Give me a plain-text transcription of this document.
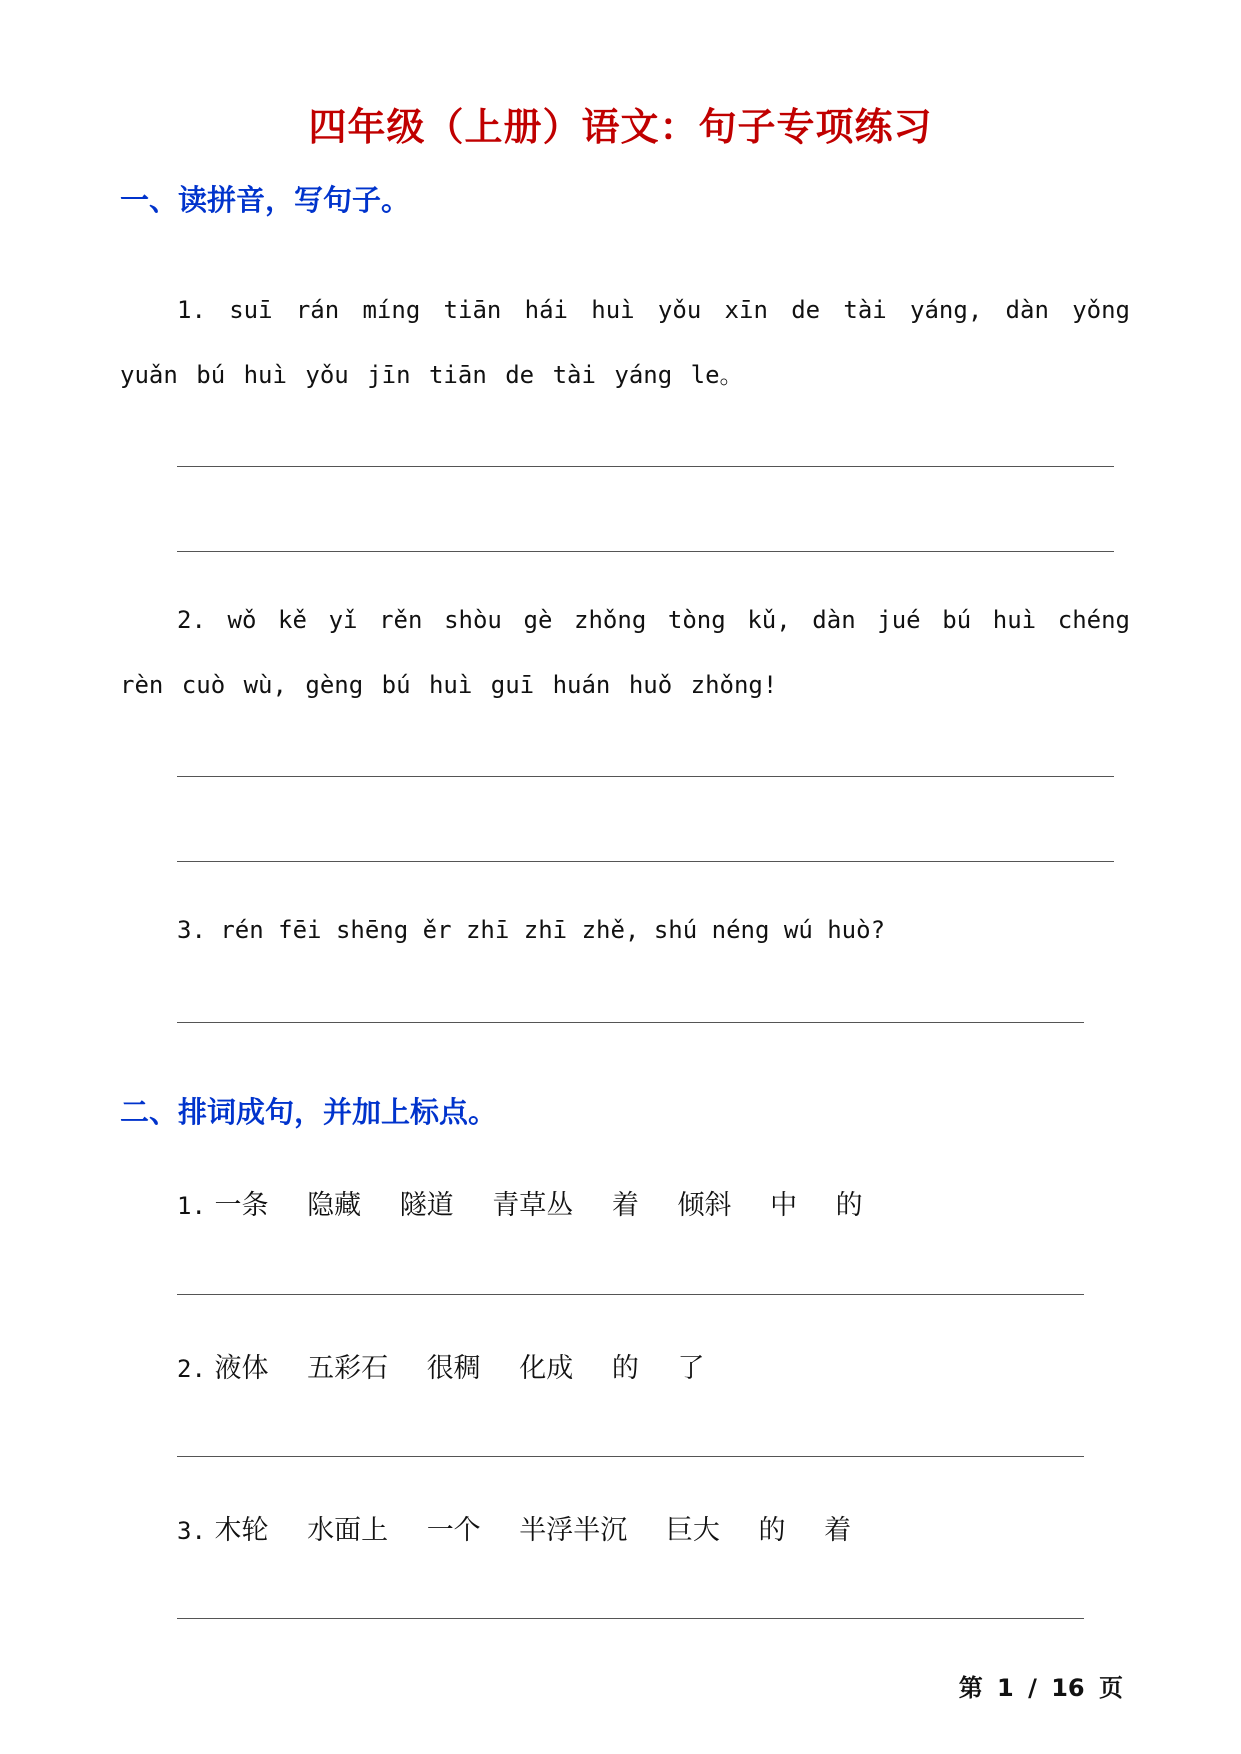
四年级（上册）语文：句子专项练习
一、读拼音，写句子。
1. suī rán míng tiān hái huì yǒu xīn de tài yáng, dàn yǒng yuǎn bú huì yǒu jīn tiān de tài yáng le。
2. wǒ kě yǐ rěn shòu gè zhǒng tòng kǔ, dàn jué bú huì chéng rèn cuò wù, gèng bú huì guī huán huǒ zhǒng!
3. rén fēi shēng ěr zhī zhī zhě, shú néng wú huò?
二、排词成句，并加上标点。
1. 一条 隐藏 隧道 青草丛 着 倾斜 中 的
2. 液体 五彩石 很稠 化成 的 了
3. 木轮 水面上 一个 半浮半沉 巨大 的 着
第 1 / 16 页
